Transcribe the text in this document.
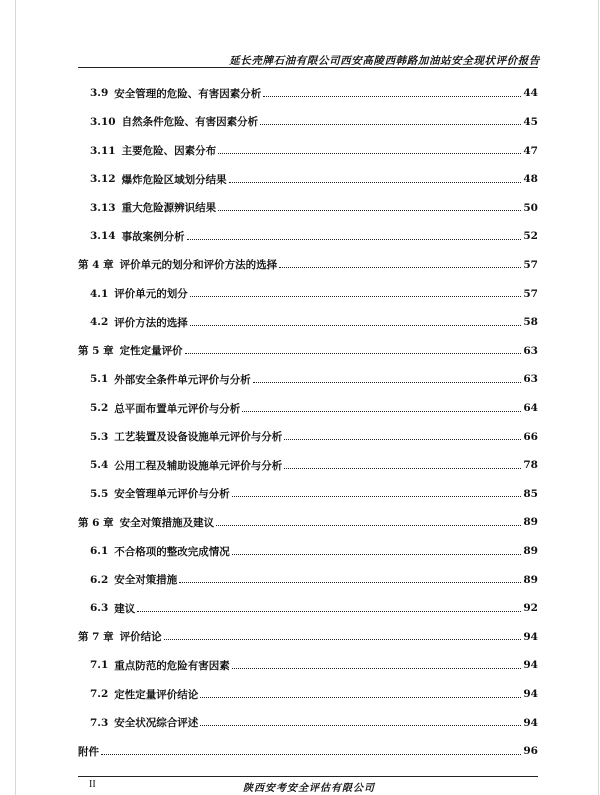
延长壳牌石油有限公司西安高陵西韩路加油站安全现状评价报告
3.9 安全管理的危险、有害因素分析	44
3.10 自然条件危险、有害因素分析	45
3.11 主要危险、因素分布	47
3.12 爆炸危险区域划分结果	48
3.13 重大危险源辨识结果	50
3.14 事故案例分析	52
第 4 章 评价单元的划分和评价方法的选择	57
4.1 评价单元的划分	57
4.2 评价方法的选择	58
第 5 章 定性定量评价	63
5.1 外部安全条件单元评价与分析	63
5.2 总平面布置单元评价与分析	64
5.3 工艺装置及设备设施单元评价与分析	66
5.4 公用工程及辅助设施单元评价与分析	78
5.5 安全管理单元评价与分析	85
第 6 章 安全对策措施及建议	89
6.1 不合格项的整改完成情况	89
6.2 安全对策措施	89
6.3 建议	92
第 7 章 评价结论	94
7.1 重点防范的危险有害因素	94
7.2 定性定量评价结论	94
7.3 安全状况综合评述	94
附件	96
II	陕西安考安全评估有限公司
